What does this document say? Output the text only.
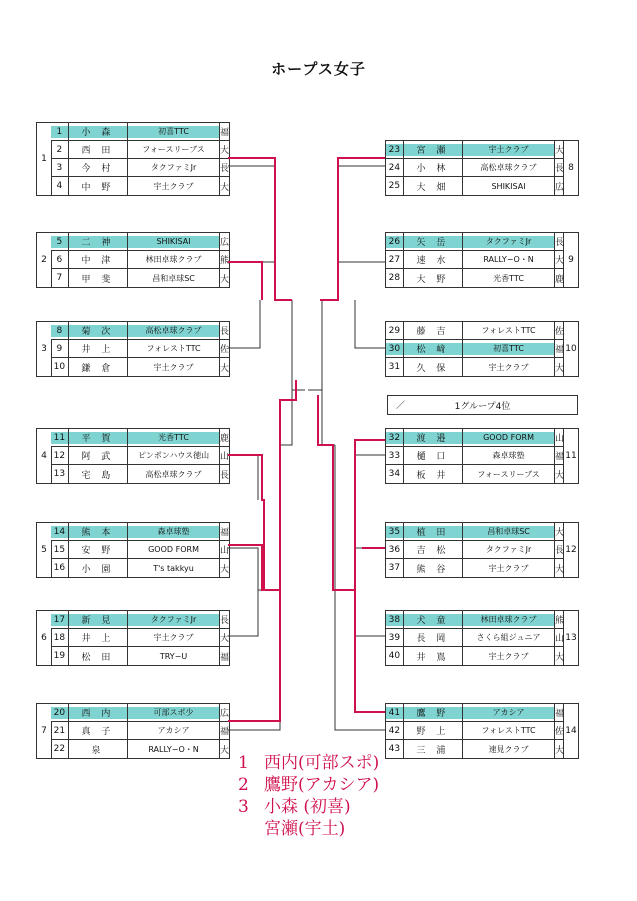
ホープス女子
1
1	小 森	初喜TTC	福
2	西 田	フォースリーブス	大
3	今 村	タクファミJr	長
4	中 野	宇土クラブ	大
2
5	二 神	SHIKISAI	広
6	中 津	林田卓球クラブ	熊
7	甲 斐	昌和卓球SC	大
3
8	菊 次	高松卓球クラブ	長
9	井 上	フォレストTTC	佐
10	鎌 倉	宇土クラブ	大
4
11	平 賀	光香TTC	鹿
12	阿 武	ピンポンハウス徳山	山
13	宅 島	高松卓球クラブ	長
5
14	熊 本	森卓球塾	福
15	安 野	GOOD FORM	山
16	小 園	T's takkyu	大
6
17	新 見	タクファミJr	長
18	井 上	宇土クラブ	大
19	松 田	TRY−U	福
7
20	西 内	可部スポ少	広
21	真 子	アカシア	福
22	泉	RALLY−O・N	大
8
23	宮 瀬	宇土クラブ	大
24	小 林	高松卓球クラブ	長
25	大 畑	SHIKISAI	広
9
26	矢 岳	タクファミJr	長
27	速 水	RALLY−O・N	大
28	大 野	光香TTC	鹿
10
29	藤 吉	フォレストTTC	佐
30	松 﨑	初喜TTC	福
31	久 保	宇土クラブ	大
11
32	渡 邉	GOOD FORM	山
33	樋 口	森卓球塾	福
34	板 井	フォースリーブス	大
12
35	植 田	昌和卓球SC	大
36	吉 松	タクファミJr	長
37	熊 谷	宇土クラブ	大
13
38	犬 童	林田卓球クラブ	熊
39	長 岡	さくら組ジュニア	山
40	井 嶌	宇土クラブ	大
14
41	鷹 野	アカシア	福
42	野 上	フォレストTTC	佐
43	三 浦	速見クラブ	大
／	1グループ4位
1 西内(可部スポ)
2 鷹野(アカシア)
3 小森 (初喜)
宮瀬(宇土)
